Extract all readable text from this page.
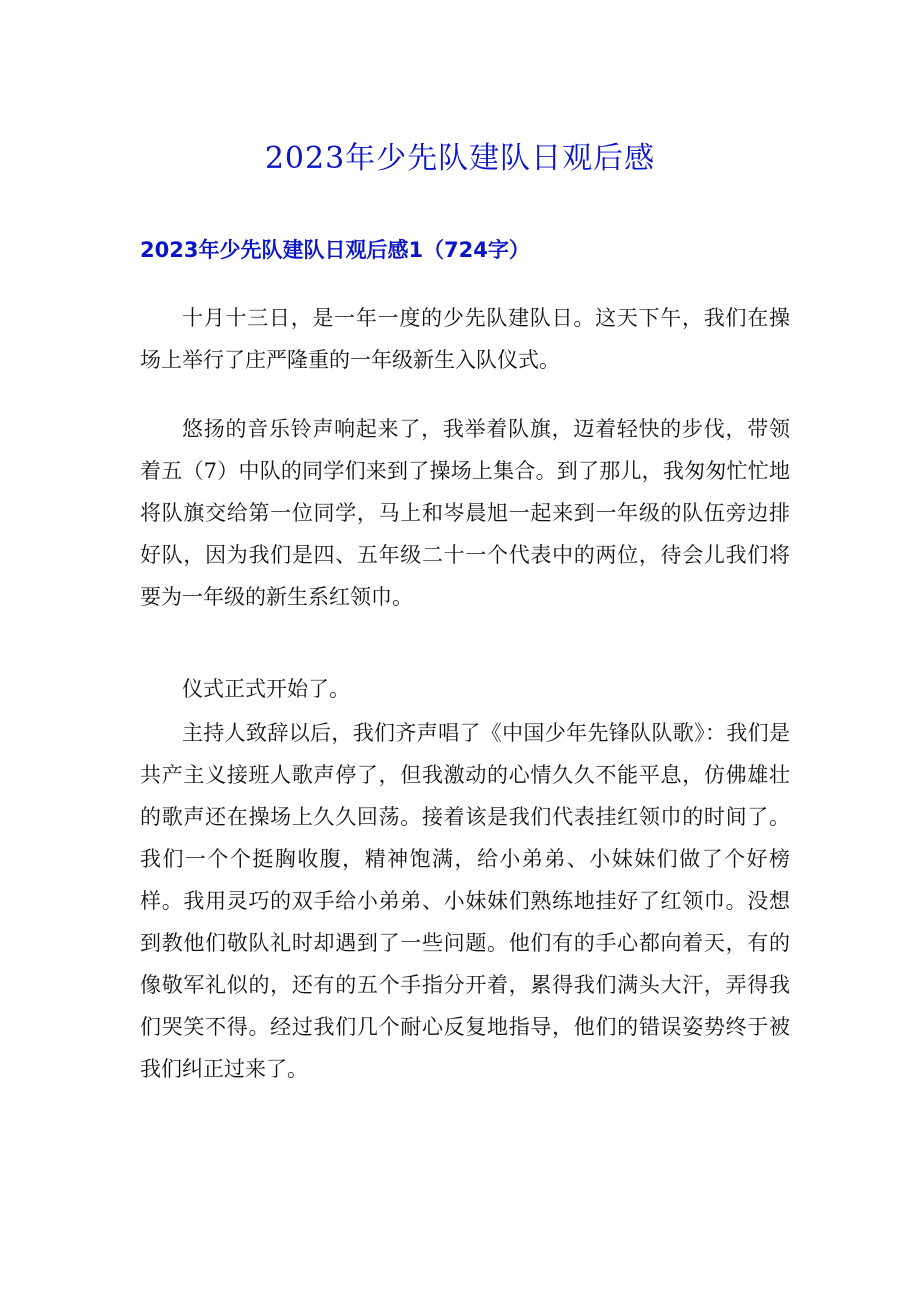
2023年少先队建队日观后感
2023年少先队建队日观后感1（724字）

十月十三日，是一年一度的少先队建队日。这天下午，我们在操场上举行了庄严隆重的一年级新生入队仪式。

悠扬的音乐铃声响起来了，我举着队旗，迈着轻快的步伐，带领着五（7）中队的同学们来到了操场上集合。到了那儿，我匆匆忙忙地将队旗交给第一位同学，马上和岑晨旭一起来到一年级的队伍旁边排好队，因为我们是四、五年级二十一个代表中的两位，待会儿我们将要为一年级的新生系红领巾。

仪式正式开始了。

主持人致辞以后，我们齐声唱了《中国少年先锋队队歌》：我们是共产主义接班人歌声停了，但我激动的心情久久不能平息，仿佛雄壮的歌声还在操场上久久回荡。接着该是我们代表挂红领巾的时间了。我们一个个挺胸收腹，精神饱满，给小弟弟、小妹妹们做了个好榜样。我用灵巧的双手给小弟弟、小妹妹们熟练地挂好了红领巾。没想到教他们敬队礼时却遇到了一些问题。他们有的手心都向着天，有的像敬军礼似的，还有的五个手指分开着，累得我们满头大汗，弄得我们哭笑不得。经过我们几个耐心反复地指导，他们的错误姿势终于被我们纠正过来了。
